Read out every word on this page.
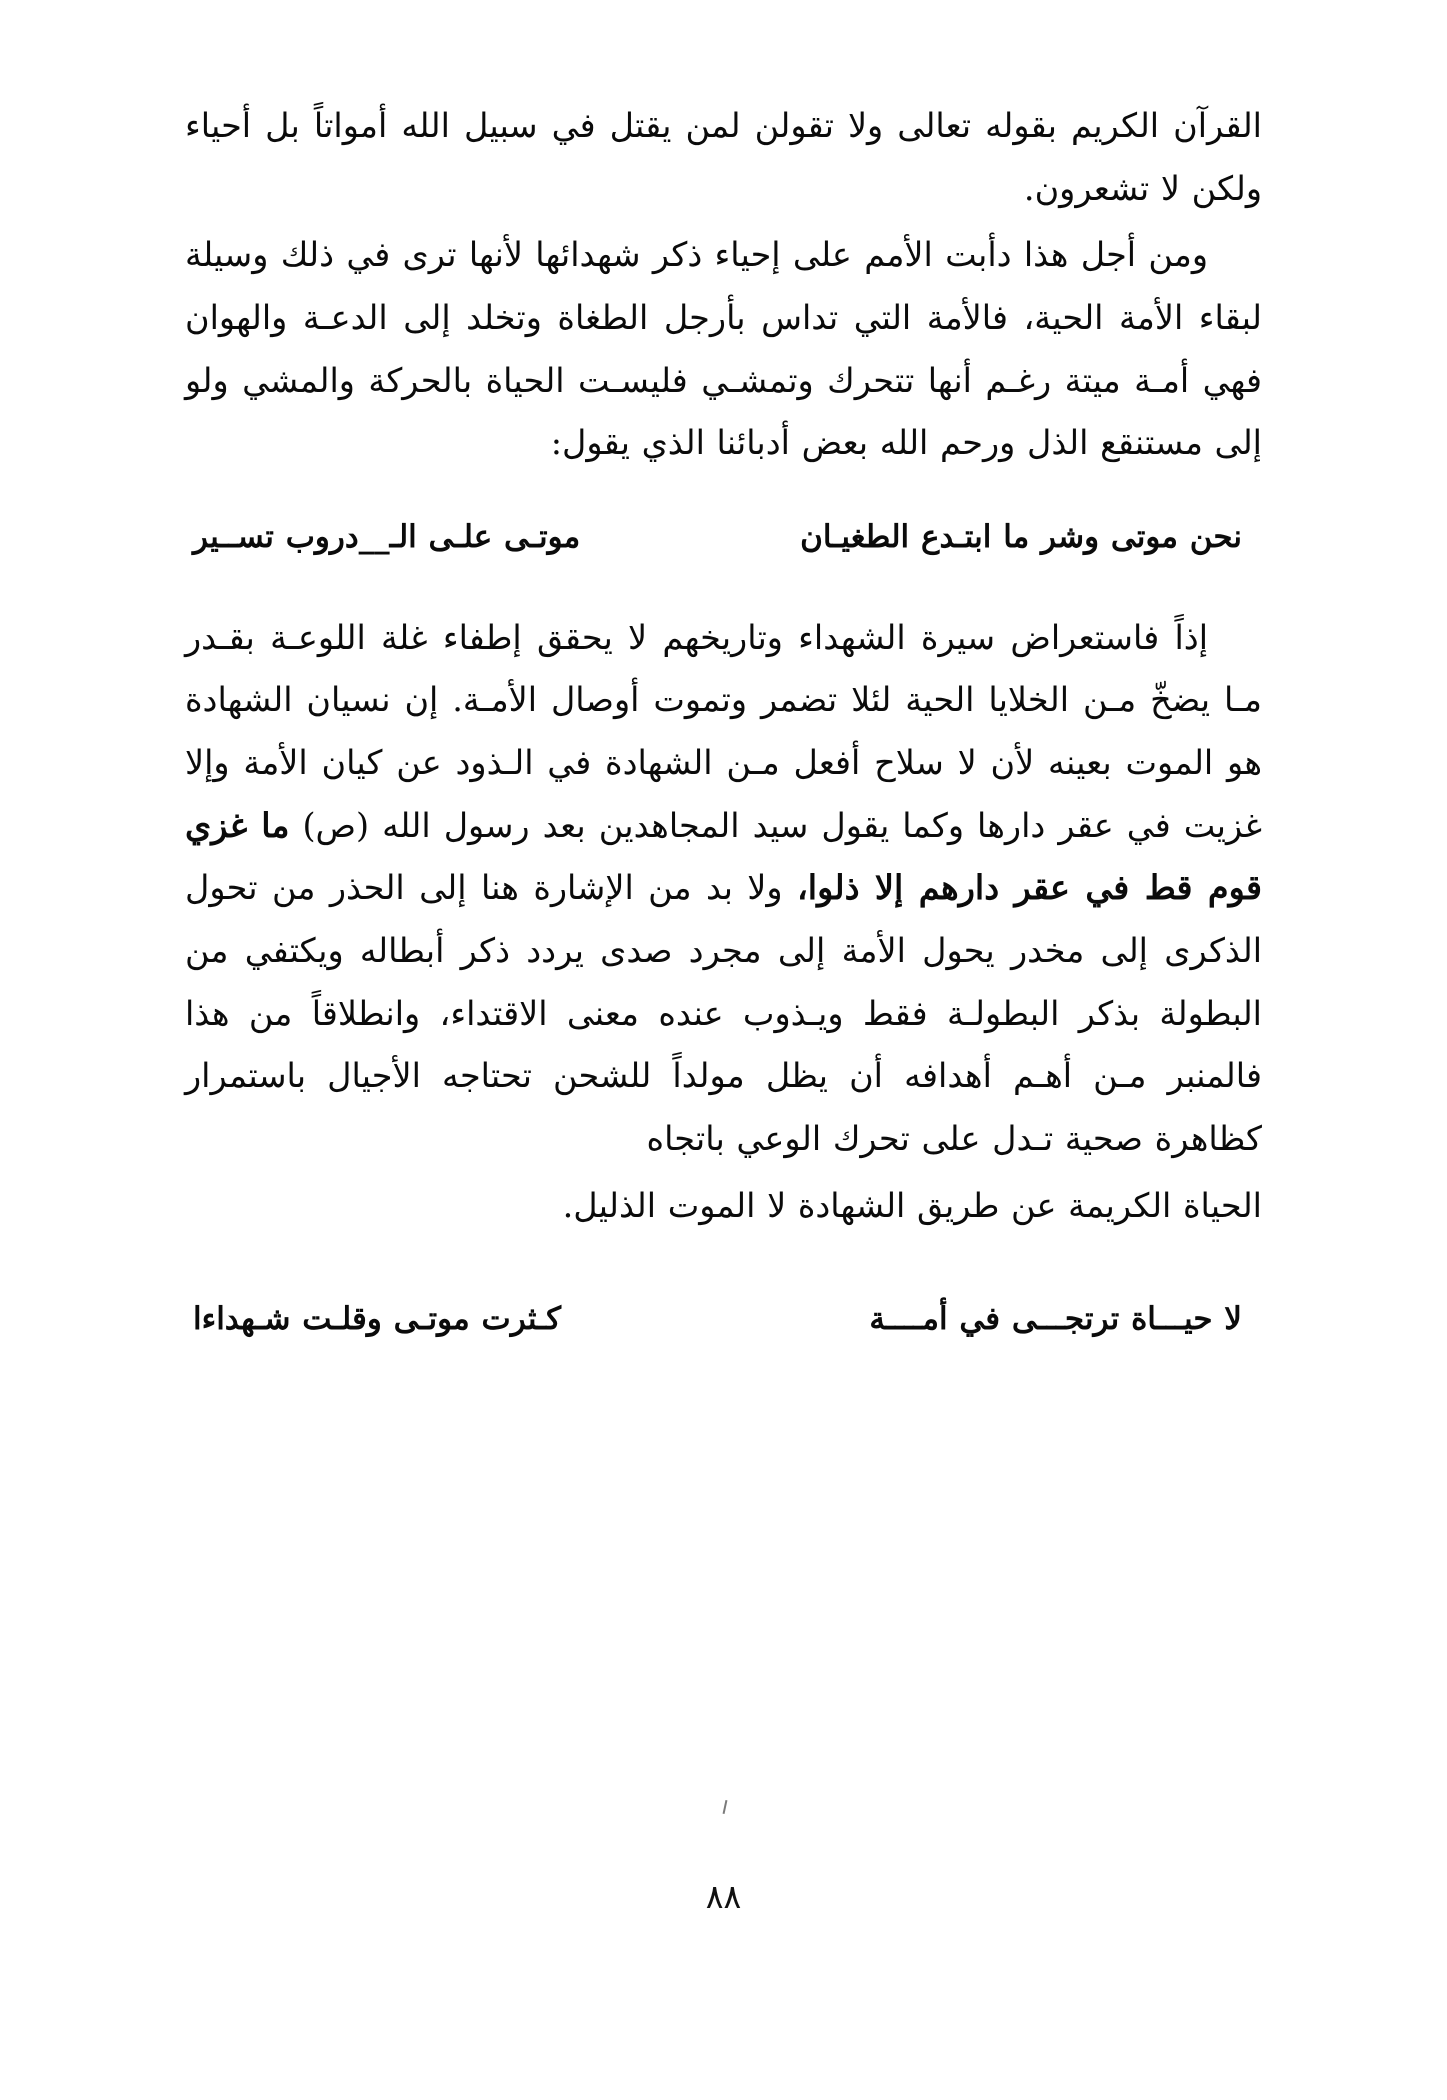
القرآن الكريم بقوله تعالى ولا تقولن لمن يقتل في سبيل الله أمواتاً بل أحياء ولكن لا تشعرون.

ومن أجل هذا دأبت الأمم على إحياء ذكر شهدائها لأنها ترى في ذلك وسيلة لبقاء الأمة الحية، فالأمة التي تداس بأرجل الطغاة وتخلد إلى الدعـة والهوان فهي أمـة ميتة رغـم أنها تتحرك وتمشـي فليسـت الحياة بالحركة والمشي ولو إلى مستنقع الذل ورحم الله بعض أدبائنا الذي يقول:

نحن موتى وشر ما ابتـدع الطغيـان
موتـى علـى الـ__دروب تســير

إذاً فاستعراض سيرة الشهداء وتاريخهم لا يحقق إطفاء غلة اللوعـة بقـدر مـا يضخّ مـن الخلايا الحية لئلا تضمر وتموت أوصال الأمـة. إن نسيان الشهادة هو الموت بعينه لأن لا سلاح أفعل مـن الشهادة في الـذود عن كيان الأمة وإلا غزيت في عقر دارها وكما يقول سيد المجاهدين بعد رسول الله (ص) ما غزي قوم قط في عقر دارهم إلا ذلوا، ولا بد من الإشارة هنا إلى الحذر من تحول الذكرى إلى مخدر يحول الأمة إلى مجرد صدى يردد ذكر أبطاله ويكتفي من البطولة بذكر البطولـة فقط ويـذوب عنده معنى الاقتداء، وانطلاقاً من هذا فالمنبر مـن أهـم أهدافه أن يظل مولداً للشحن تحتاجه الأجيال باستمرار كظاهرة صحية تـدل على تحرك الوعي باتجاه

الحياة الكريمة عن طريق الشهادة لا الموت الذليل.

لا حيـــاة ترتجـــى في أمــــة
كـثرت موتـى وقلـت شـهداءا
٨٨
